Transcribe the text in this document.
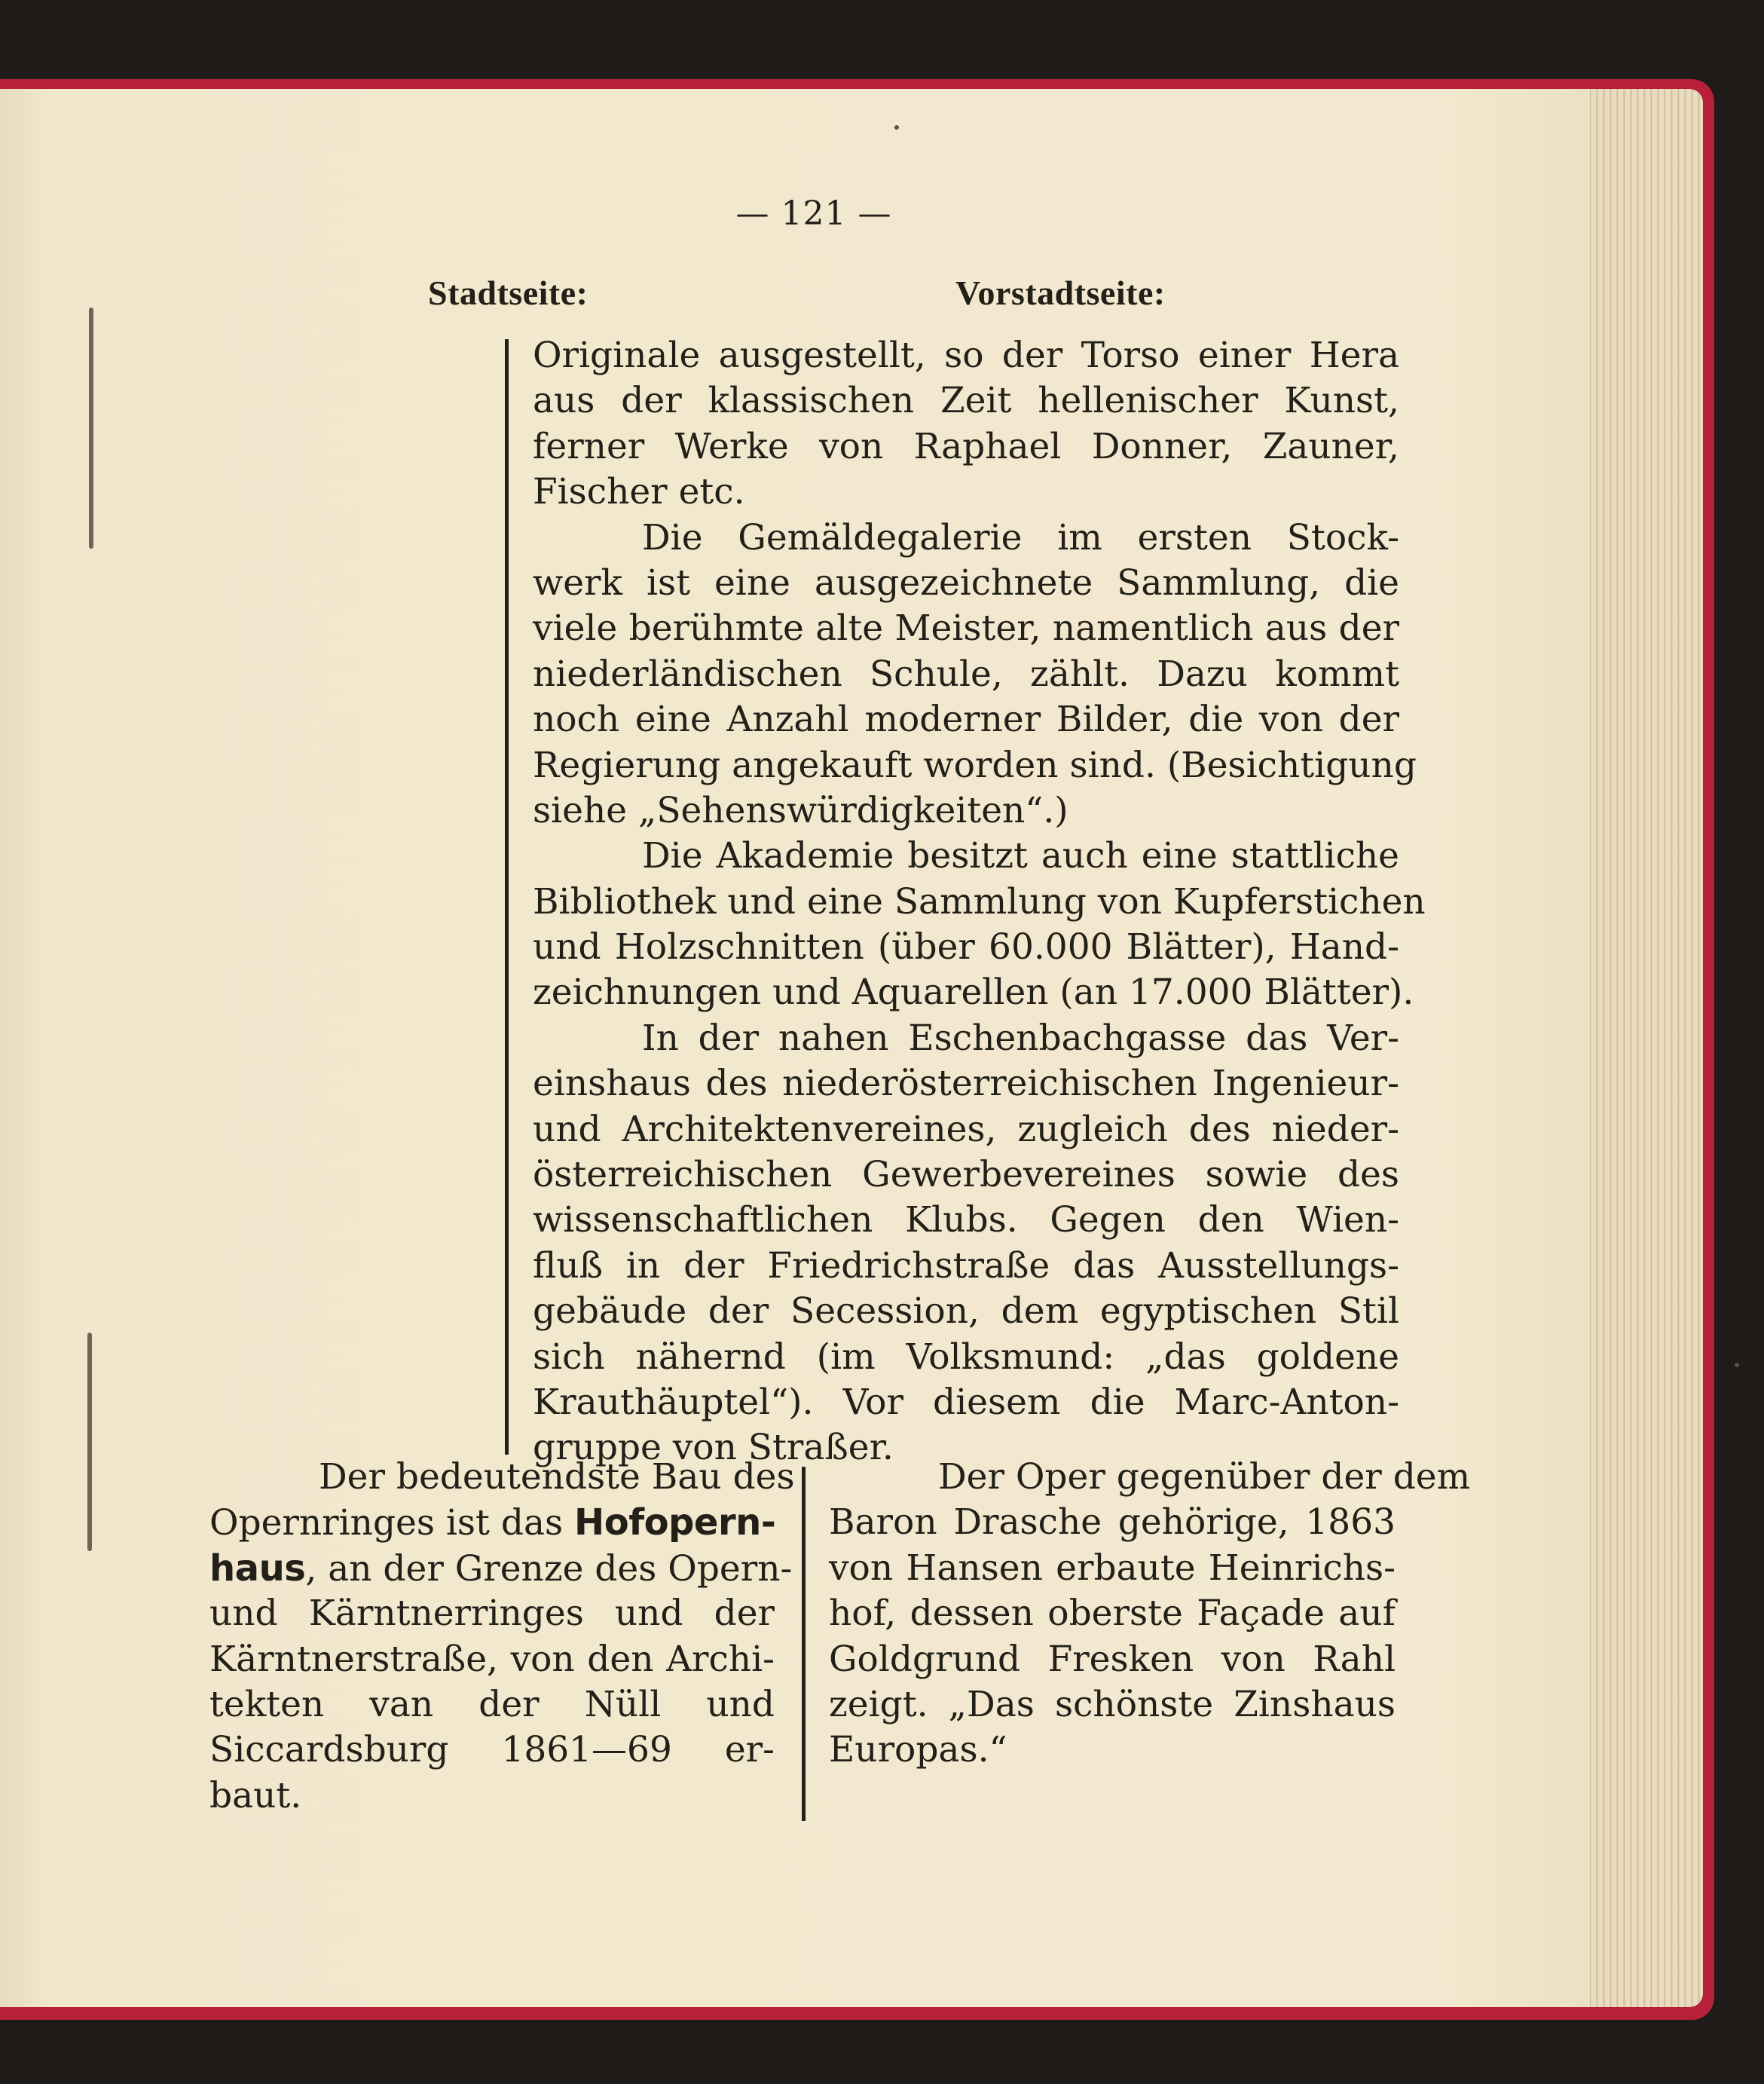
— 121 —
Stadtseite:	Vorstadtseite:
Originale ausgestellt, so der Torso einer Hera
aus der klassischen Zeit hellenischer Kunst,
ferner Werke von Raphael Donner, Zauner,
Fischer etc.
Die Gemäldegalerie im ersten Stock-
werk ist eine ausgezeichnete Sammlung, die
viele berühmte alte Meister, namentlich aus der
niederländischen Schule, zählt. Dazu kommt
noch eine Anzahl moderner Bilder, die von der
Regierung angekauft worden sind. (Besichtigung
siehe „Sehenswürdigkeiten“.)
Die Akademie besitzt auch eine stattliche
Bibliothek und eine Sammlung von Kupferstichen
und Holzschnitten (über 60.000 Blätter), Hand-
zeichnungen und Aquarellen (an 17.000 Blätter).
In der nahen Eschenbachgasse das Ver-
einshaus des niederösterreichischen Ingenieur-
und Architektenvereines, zugleich des nieder-
österreichischen Gewerbevereines sowie des
wissenschaftlichen Klubs. Gegen den Wien-
fluß in der Friedrichstraße das Ausstellungs-
gebäude der Secession, dem egyptischen Stil
sich nähernd (im Volksmund: „das goldene
Krauthäuptel“). Vor diesem die Marc-Anton-
gruppe von Straßer.
Der bedeutendste Bau des
Opernringes ist das Hofopern-
haus, an der Grenze des Opern-
und Kärntnerringes und der
Kärntnerstraße, von den Archi-
tekten van der Nüll und
Siccardsburg 1861—69 er-
baut.
Der Oper gegenüber der dem
Baron Drasche gehörige, 1863
von Hansen erbaute Heinrichs-
hof, dessen oberste Façade auf
Goldgrund Fresken von Rahl
zeigt. „Das schönste Zinshaus
Europas.“
